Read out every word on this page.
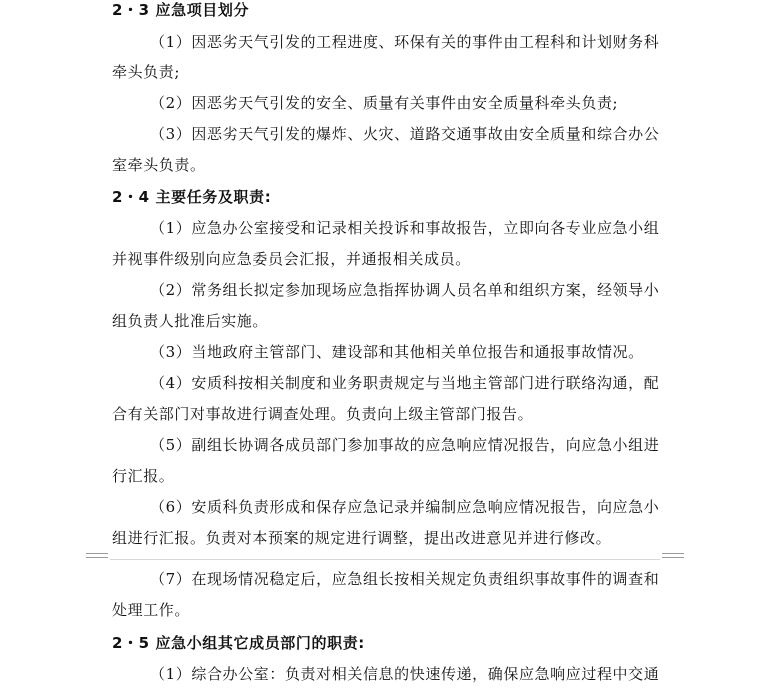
2・3 应急项目划分
（1）因恶劣天气引发的工程进度、环保有关的事件由工程科和计划财务科
牵头负责;
（2）因恶劣天气引发的安全、质量有关事件由安全质量科牵头负责;
（3）因恶劣天气引发的爆炸、火灾、道路交通事故由安全质量和综合办公
室牵头负责。
2・4 主要任务及职责:
（1）应急办公室接受和记录相关投诉和事故报告，立即向各专业应急小组
并视事件级别向应急委员会汇报，并通报相关成员。
（2）常务组长拟定参加现场应急指挥协调人员名单和组织方案，经领导小
组负责人批准后实施。
（3）当地政府主管部门、建设部和其他相关单位报告和通报事故情况。
（4）安质科按相关制度和业务职责规定与当地主管部门进行联络沟通，配
合有关部门对事故进行调查处理。负责向上级主管部门报告。
（5）副组长协调各成员部门参加事故的应急响应情况报告，向应急小组进
行汇报。
（6）安质科负责形成和保存应急记录并编制应急响应情况报告，向应急小
组进行汇报。负责对本预案的规定进行调整，提出改进意见并进行修改。
（7）在现场情况稳定后，应急组长按相关规定负责组织事故事件的调查和
处理工作。
2・5 应急小组其它成员部门的职责:
（1）综合办公室：负责对相关信息的快速传递，确保应急响应过程中交通
